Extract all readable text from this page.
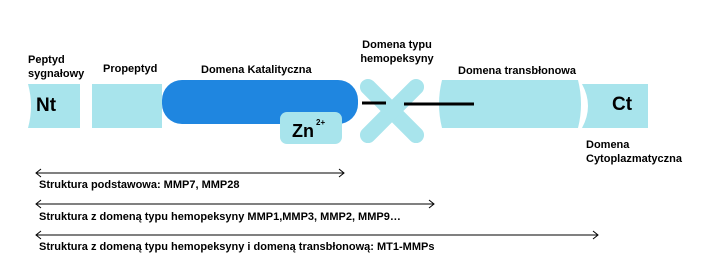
Peptyd sygnałowy	Propeptyd	Domena Katalityczna
Domena typu hemopeksyny
Domena transbłonowa
Domena Cytoplazmatyczna
Nt	Ct
Zn 2+
Struktura podstawowa: MMP7, MMP28
Struktura z domeną typu hemopeksyny MMP1,MMP3, MMP2, MMP9…
Struktura z domeną typu hemopeksyny i domeną transbłonową: MT1-MMPs
